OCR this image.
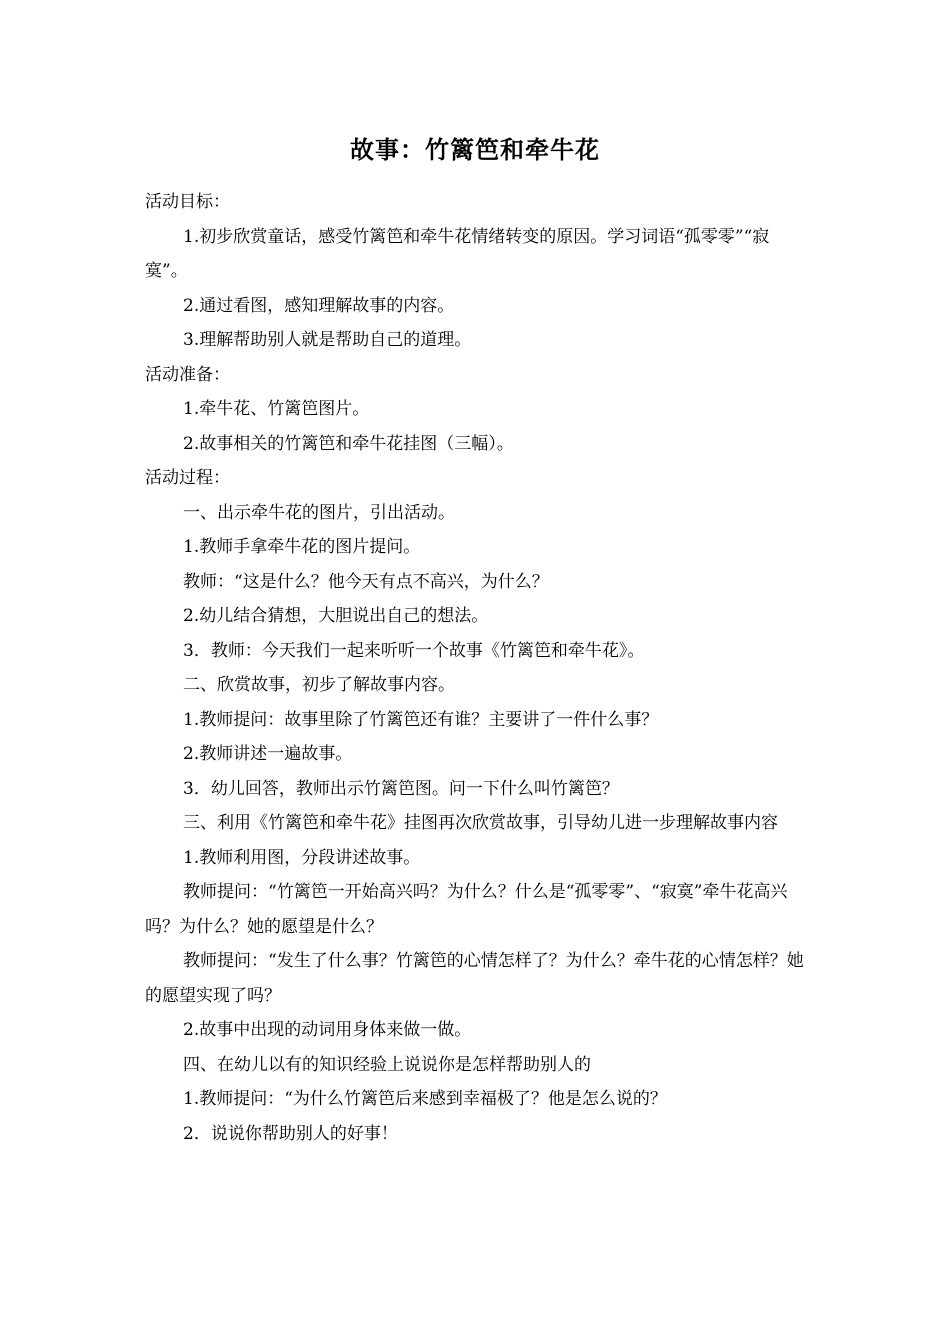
故事：竹篱笆和牵牛花

活动目标：

1.初步欣赏童话，感受竹篱笆和牵牛花情绪转变的原因。学习词语“孤零零”“寂寞”。

2.通过看图，感知理解故事的内容。

3.理解帮助别人就是帮助自己的道理。

活动准备：

1.牵牛花、竹篱笆图片。

2.故事相关的竹篱笆和牵牛花挂图（三幅）。

活动过程：

一、出示牵牛花的图片，引出活动。

1.教师手拿牵牛花的图片提问。

教师：“这是什么？他今天有点不高兴，为什么？

2.幼儿结合猜想，大胆说出自己的想法。

3．教师：今天我们一起来听听一个故事《竹篱笆和牵牛花》。

二、欣赏故事，初步了解故事内容。

1.教师提问：故事里除了竹篱笆还有谁？主要讲了一件什么事？

2.教师讲述一遍故事。

3．幼儿回答，教师出示竹篱笆图。问一下什么叫竹篱笆？

三、利用《竹篱笆和牵牛花》挂图再次欣赏故事，引导幼儿进一步理解故事内容

1.教师利用图，分段讲述故事。

教师提问：“竹篱笆一开始高兴吗？为什么？什么是“孤零零”、“寂寞”牵牛花高兴吗？为什么？她的愿望是什么？

教师提问：“发生了什么事？竹篱笆的心情怎样了？为什么？牵牛花的心情怎样？她的愿望实现了吗？

2.故事中出现的动词用身体来做一做。

四、在幼儿以有的知识经验上说说你是怎样帮助别人的

1.教师提问：“为什么竹篱笆后来感到幸福极了？他是怎么说的？

2．说说你帮助别人的好事！
